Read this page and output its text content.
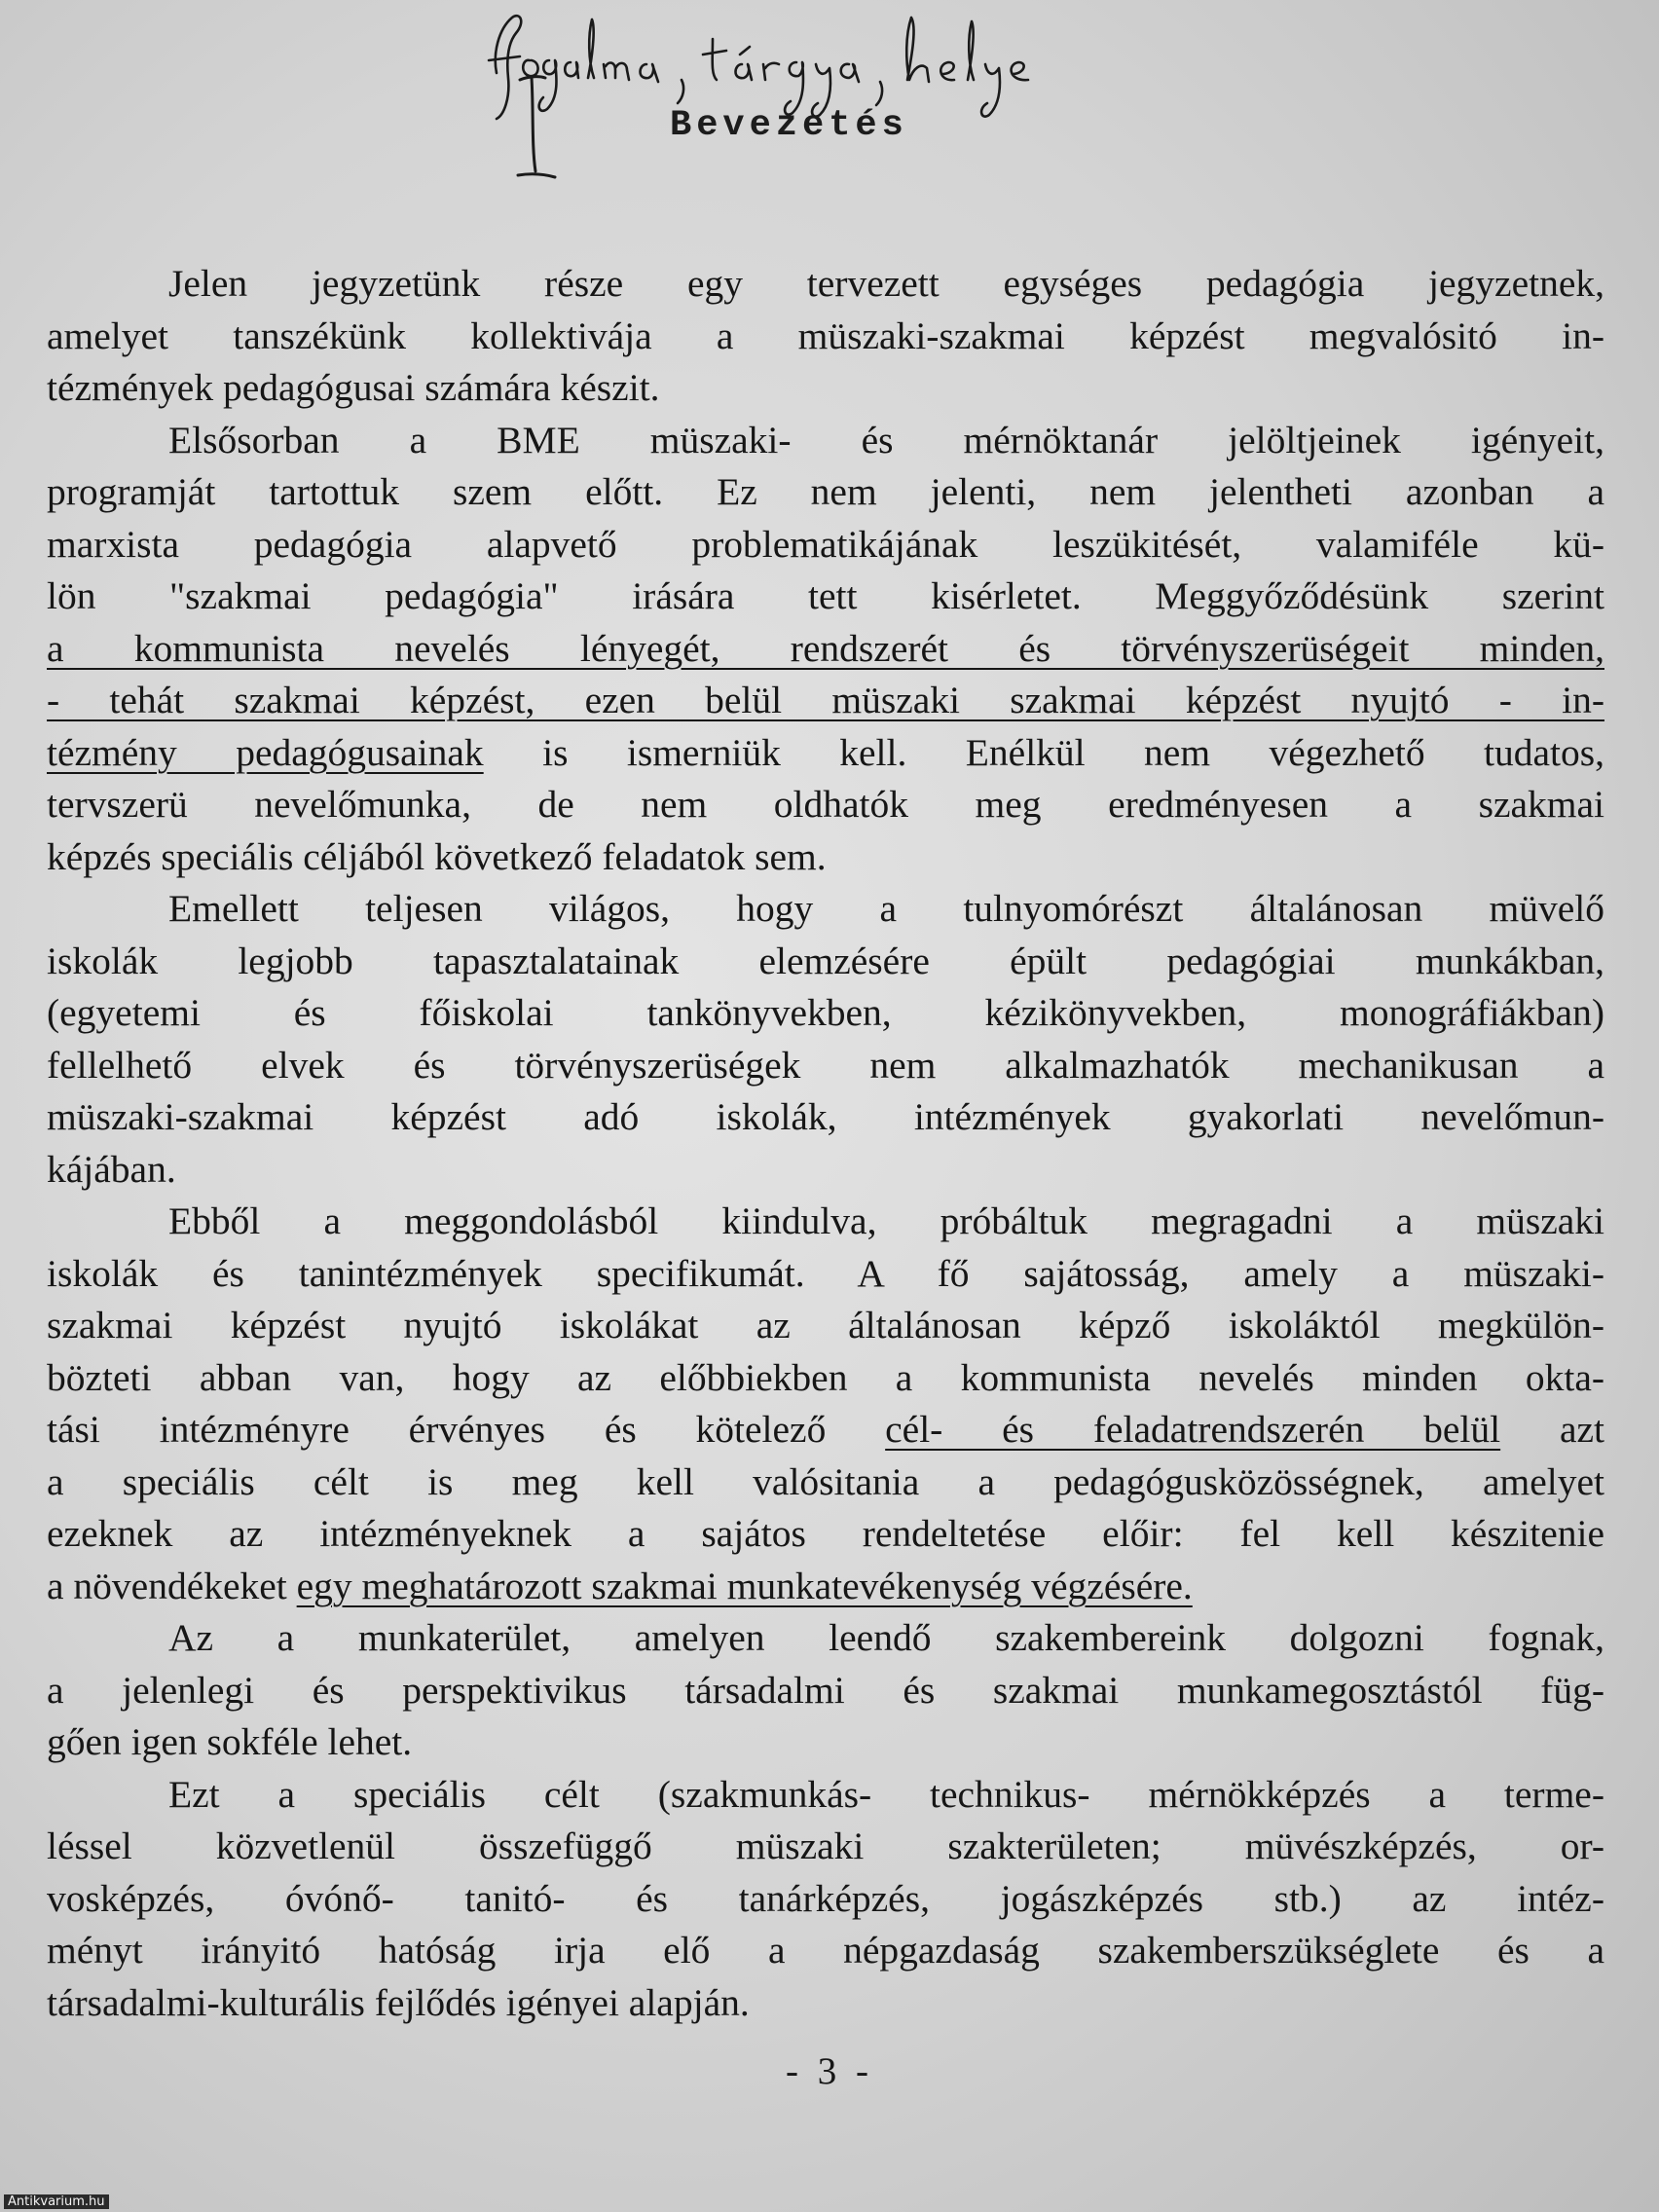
Bevezetés
Jelen jegyzetünk része egy tervezett egységes pedagógia jegyzetnek,
amelyet tanszékünk kollektivája a müszaki-szakmai képzést megvalósitó in-
tézmények pedagógusai számára készit.
Elsősorban a BME müszaki- és mérnöktanár jelöltjeinek igényeit,
programját tartottuk szem előtt. Ez nem jelenti, nem jelentheti azonban a
marxista pedagógia alapvető problematikájának leszükitését, valamiféle kü-
lön "szakmai pedagógia" irására tett kisérletet. Meggyőződésünk szerint
a kommunista nevelés lényegét, rendszerét és törvényszerüségeit minden,
- tehát szakmai képzést, ezen belül müszaki szakmai képzést nyujtó - in-
tézmény pedagógusainak is ismerniük kell. Enélkül nem végezhető tudatos,
tervszerü nevelőmunka, de nem oldhatók meg eredményesen a szakmai
képzés speciális céljából következő feladatok sem.
Emellett teljesen világos, hogy a tulnyomórészt általánosan müvelő
iskolák legjobb tapasztalatainak elemzésére épült pedagógiai munkákban,
(egyetemi és főiskolai tankönyvekben, kézikönyvekben, monográfiákban)
fellelhető elvek és törvényszerüségek nem alkalmazhatók mechanikusan a
müszaki-szakmai képzést adó iskolák, intézmények gyakorlati nevelőmun-
kájában.
Ebből a meggondolásból kiindulva, próbáltuk megragadni a müszaki
iskolák és tanintézmények specifikumát. A fő sajátosság, amely a müszaki-
szakmai képzést nyujtó iskolákat az általánosan képző iskoláktól megkülön-
bözteti abban van, hogy az előbbiekben a kommunista nevelés minden okta-
tási intézményre érvényes és kötelező cél- és feladatrendszerén belül azt
a speciális célt is meg kell valósitania a pedagógusközösségnek, amelyet
ezeknek az intézményeknek a sajátos rendeltetése előir: fel kell készitenie
a növendékeket egy meghatározott szakmai munkatevékenység végzésére.
Az a munkaterület, amelyen leendő szakembereink dolgozni fognak,
a jelenlegi és perspektivikus társadalmi és szakmai munkamegosztástól füg-
gően igen sokféle lehet.
Ezt a speciális célt (szakmunkás- technikus- mérnökképzés a terme-
léssel közvetlenül összefüggő müszaki szakterületen; müvészképzés, or-
vosképzés, óvónő- tanitó- és tanárképzés, jogászképzés stb.) az intéz-
ményt irányitó hatóság irja elő a népgazdaság szakemberszükséglete és a
társadalmi-kulturális fejlődés igényei alapján.
- 3 -
Antikvarium.hu
